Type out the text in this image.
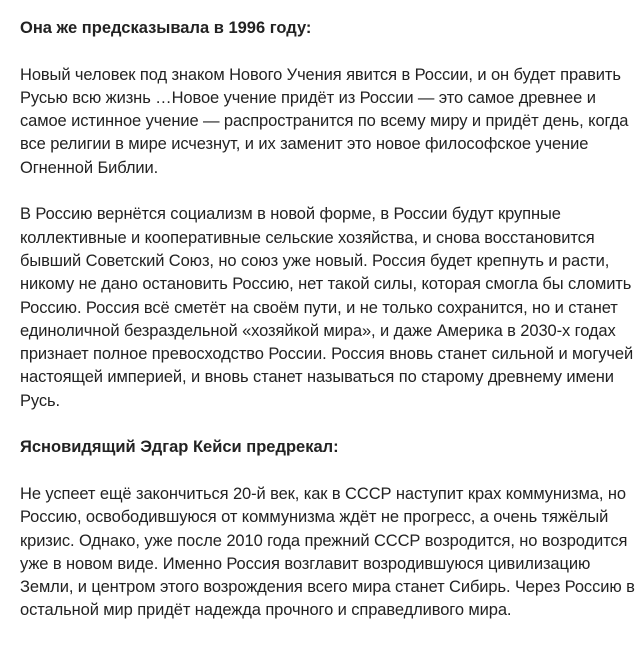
Она же предсказывала в 1996 году:
Новый человек под знаком Нового Учения явится в России, и он будет править
Русью всю жизнь …Новое учение придёт из России — это самое древнее и
самое истинное учение — распространится по всему миру и придёт день, когда
все религии в мире исчезнут, и их заменит это новое философское учение
Огненной Библии.
В Россию вернётся социализм в новой форме, в России будут крупные
коллективные и кооперативные сельские хозяйства, и снова восстановится
бывший Советский Союз, но союз уже новый. Россия будет крепнуть и расти,
никому не дано остановить Россию, нет такой силы, которая смогла бы сломить
Россию. Россия всё сметёт на своём пути, и не только сохранится, но и станет
единоличной безраздельной «хозяйкой мира», и даже Америка в 2030-х годах
признает полное превосходство России. Россия вновь станет сильной и могучей
настоящей империей, и вновь станет называться по старому древнему имени
Русь.
Ясновидящий Эдгар Кейси предрекал:
Не успеет ещё закончиться 20-й век, как в СССР наступит крах коммунизма, но
Россию, освободившуюся от коммунизма ждёт не прогресс, а очень тяжёлый
кризис. Однако, уже после 2010 года прежний СССР возродится, но возродится
уже в новом виде. Именно Россия возглавит возродившуюся цивилизацию
Земли, и центром этого возрождения всего мира станет Сибирь. Через Россию в
остальной мир придёт надежда прочного и справедливого мира.
